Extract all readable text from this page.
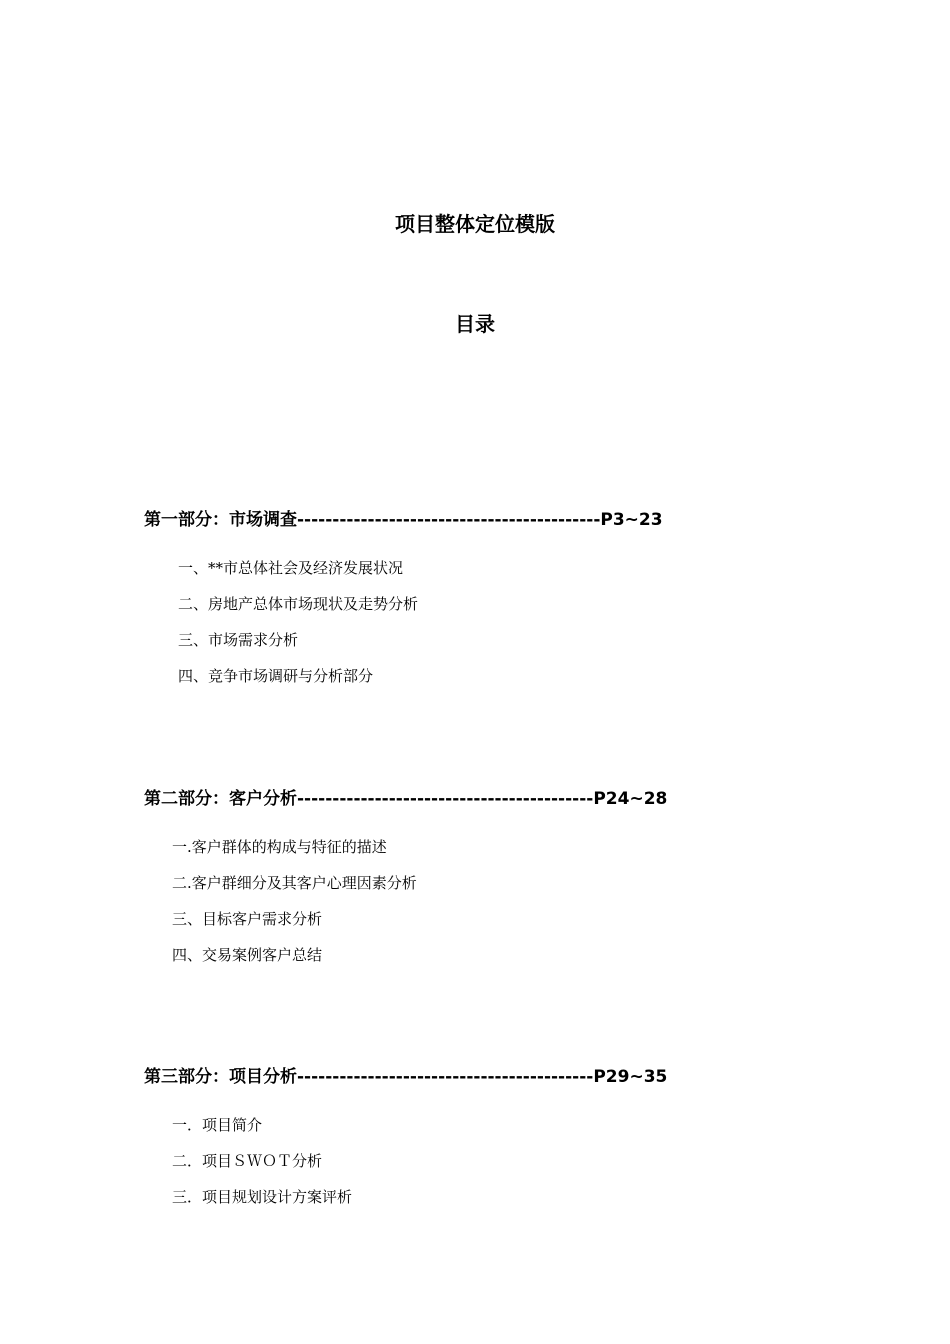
项目整体定位模版
目录

第一部分：市场调查-------------------------------------------P3~23

一、**市总体社会及经济发展状况

二、房地产总体市场现状及走势分析

三、市场需求分析

四、竞争市场调研与分析部分

第二部分：客户分析------------------------------------------P24~28

一.客户群体的构成与特征的描述

二.客户群细分及其客户心理因素分析

三、目标客户需求分析

四、交易案例客户总结

第三部分：项目分析------------------------------------------P29~35

一．项目简介

二．项目ＳＷＯＴ分析

三．项目规划设计方案评析
